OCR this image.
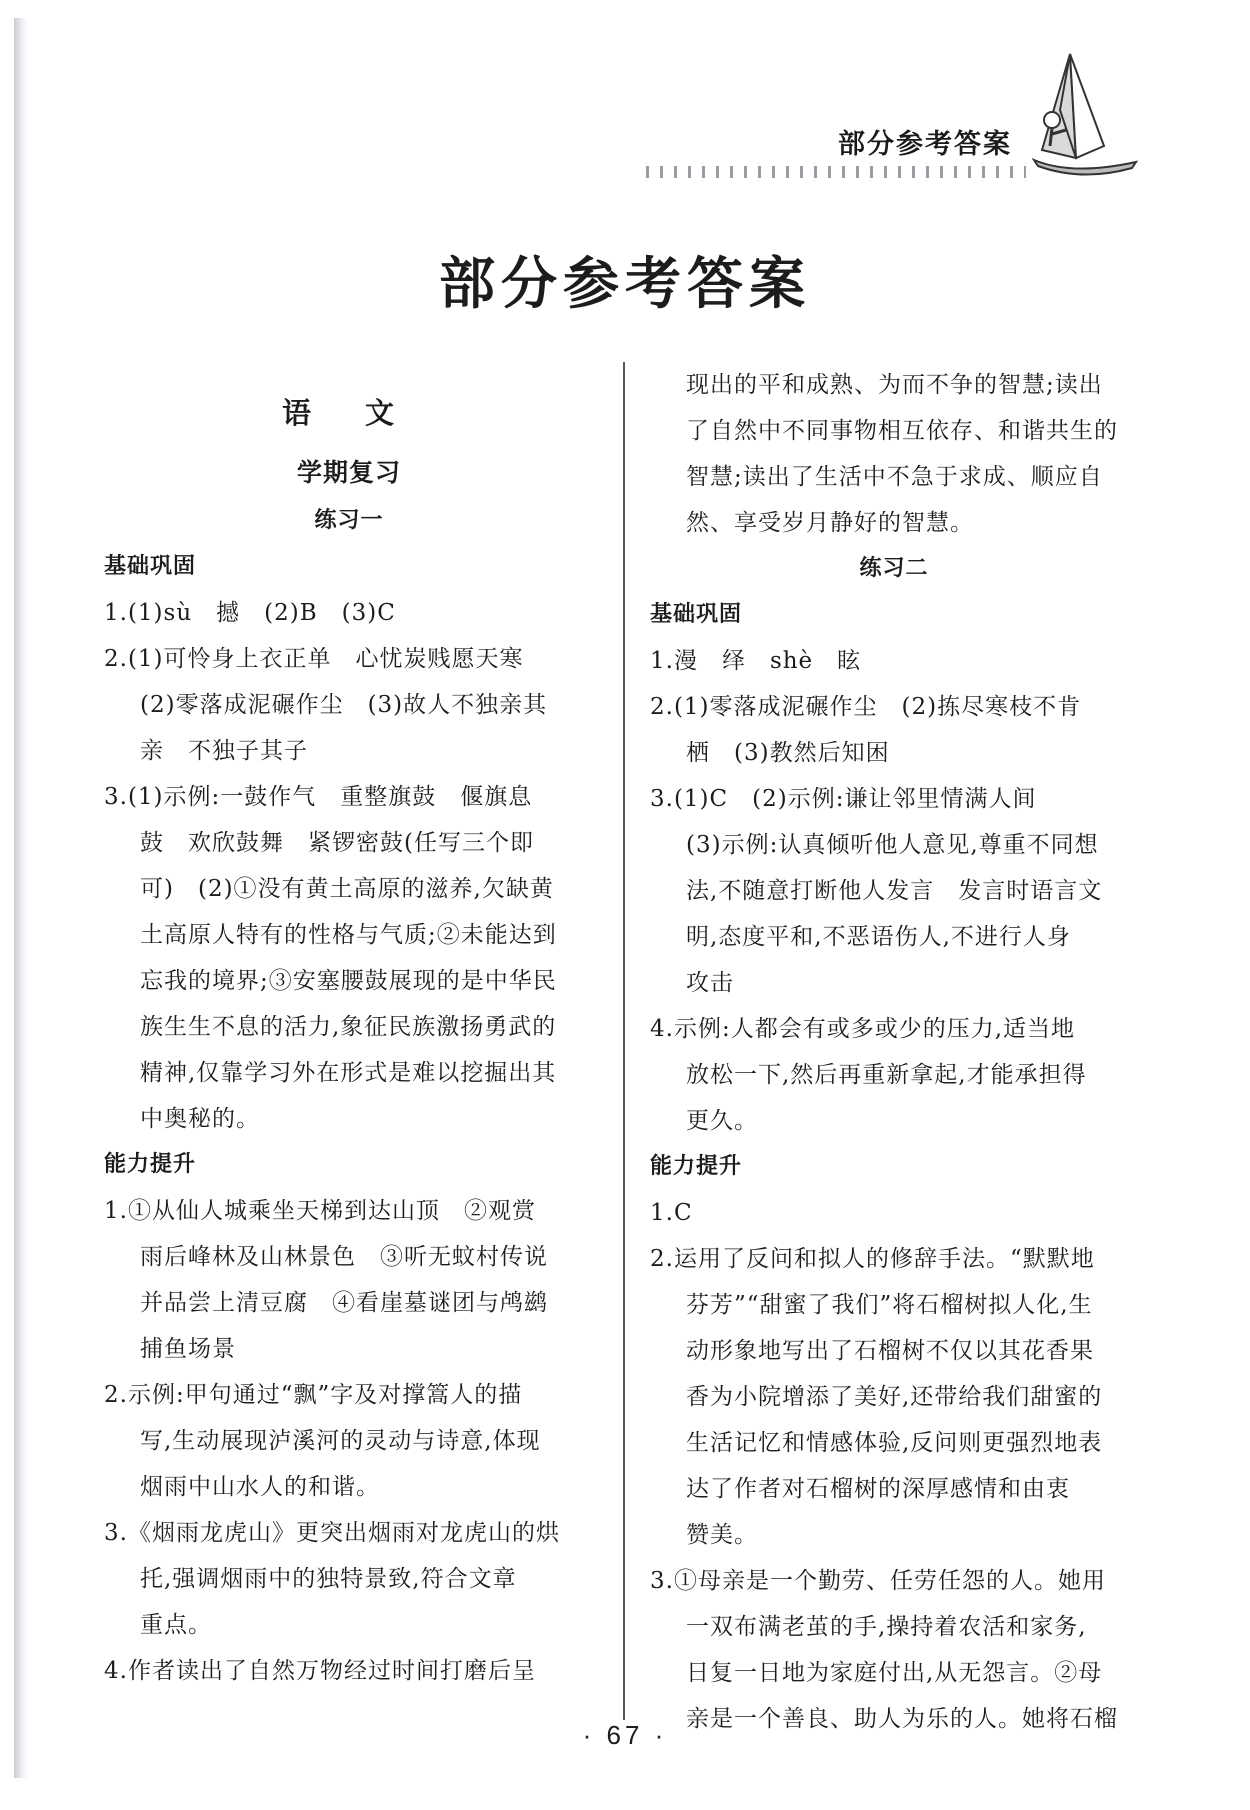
部分参考答案
部分参考答案

语 文

学期复习

练习一

基础巩固

1.(1)sù　撼　(2)B　(3)C

2.(1)可怜身上衣正单　心忧炭贱愿天寒

(2)零落成泥碾作尘　(3)故人不独亲其

亲　不独子其子

3.(1)示例:一鼓作气　重整旗鼓　偃旗息

鼓　欢欣鼓舞　紧锣密鼓(任写三个即

可)　(2)①没有黄土高原的滋养,欠缺黄

土高原人特有的性格与气质;②未能达到

忘我的境界;③安塞腰鼓展现的是中华民

族生生不息的活力,象征民族激扬勇武的

精神,仅靠学习外在形式是难以挖掘出其

中奥秘的。

能力提升

1.①从仙人城乘坐天梯到达山顶　②观赏

雨后峰林及山林景色　③听无蚊村传说

并品尝上清豆腐　④看崖墓谜团与鸬鹚

捕鱼场景

2.示例:甲句通过“飘”字及对撑篙人的描

写,生动展现泸溪河的灵动与诗意,体现

烟雨中山水人的和谐。

3.《烟雨龙虎山》更突出烟雨对龙虎山的烘

托,强调烟雨中的独特景致,符合文章

重点。

4.作者读出了自然万物经过时间打磨后呈

现出的平和成熟、为而不争的智慧;读出

了自然中不同事物相互依存、和谐共生的

智慧;读出了生活中不急于求成、顺应自

然、享受岁月静好的智慧。

练习二

基础巩固

1.漫　绎　shè　眩

2.(1)零落成泥碾作尘　(2)拣尽寒枝不肯

栖　(3)教然后知困

3.(1)C　(2)示例:谦让邻里情满人间

(3)示例:认真倾听他人意见,尊重不同想

法,不随意打断他人发言　发言时语言文

明,态度平和,不恶语伤人,不进行人身

攻击

4.示例:人都会有或多或少的压力,适当地

放松一下,然后再重新拿起,才能承担得

更久。

能力提升

1.C

2.运用了反问和拟人的修辞手法。“默默地

芬芳”“甜蜜了我们”将石榴树拟人化,生

动形象地写出了石榴树不仅以其花香果

香为小院增添了美好,还带给我们甜蜜的

生活记忆和情感体验,反问则更强烈地表

达了作者对石榴树的深厚感情和由衷

赞美。

3.①母亲是一个勤劳、任劳任怨的人。她用

一双布满老茧的手,操持着农活和家务,

日复一日地为家庭付出,从无怨言。②母

亲是一个善良、助人为乐的人。她将石榴

· 67 ·
